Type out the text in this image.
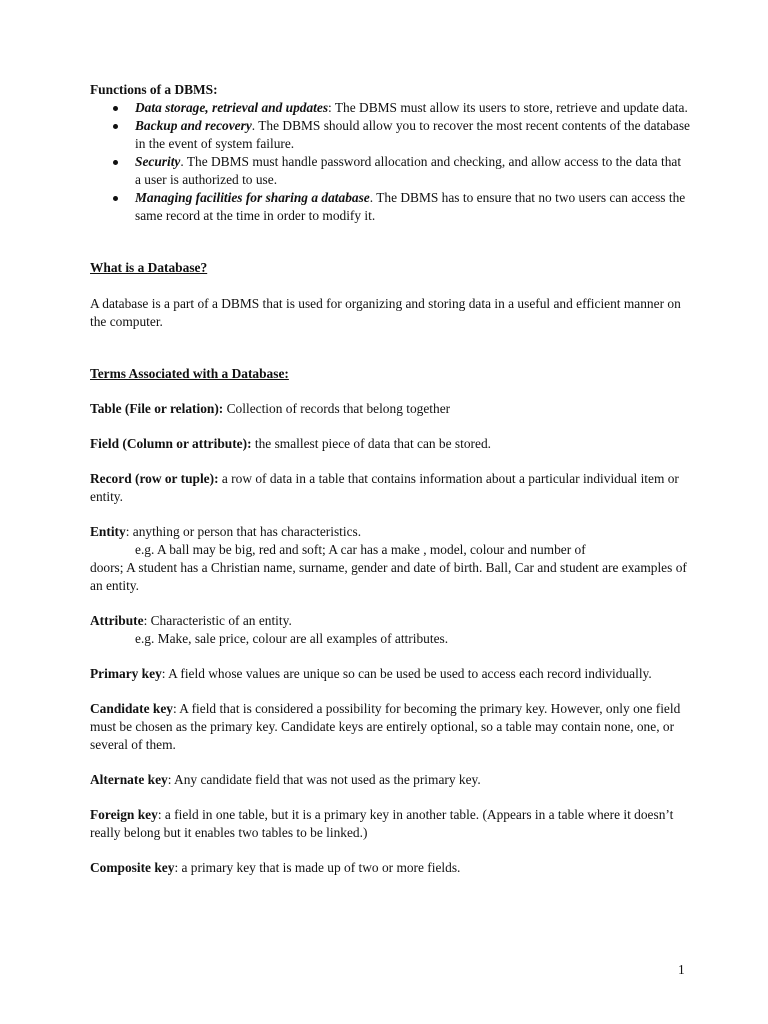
Functions of a DBMS:

Data storage, retrieval and updates: The DBMS must allow its users to store, retrieve and update data.
Backup and recovery. The DBMS should allow you to recover the most recent contents of the database in the event of system failure.
Security. The DBMS must handle password allocation and checking, and allow access to the data that a user is authorized to use.
Managing facilities for sharing a database. The DBMS has to ensure that no two users can access the same record at the time in order to modify it.

What is a Database?

A database is a part of a DBMS that is used for organizing and storing data in a useful and efficient manner on the computer.

Terms Associated with a Database:

Table (File or relation): Collection of records that belong together

Field (Column or attribute): the smallest piece of data that can be stored.

Record (row or tuple): a row of data in a table that contains information about a particular individual item or entity.

Entity: anything or person that has characteristics.

e.g. A ball may be big, red and soft; A car has a make , model, colour and number of

doors; A student has a Christian name, surname, gender and date of birth. Ball, Car and student are examples of an entity.

Attribute: Characteristic of an entity.

e.g. Make, sale price, colour are all examples of attributes.

Primary key: A field whose values are unique so can be used be used to access each record individually.

Candidate key: A field that is considered a possibility for becoming the primary key. However, only one field must be chosen as the primary key. Candidate keys are entirely optional, so a table may contain none, one, or several of them.

Alternate key: Any candidate field that was not used as the primary key.

Foreign key: a field in one table, but it is a primary key in another table. (Appears in a table where it doesn’t really belong but it enables two tables to be linked.)

Composite key: a primary key that is made up of two or more fields.

1
